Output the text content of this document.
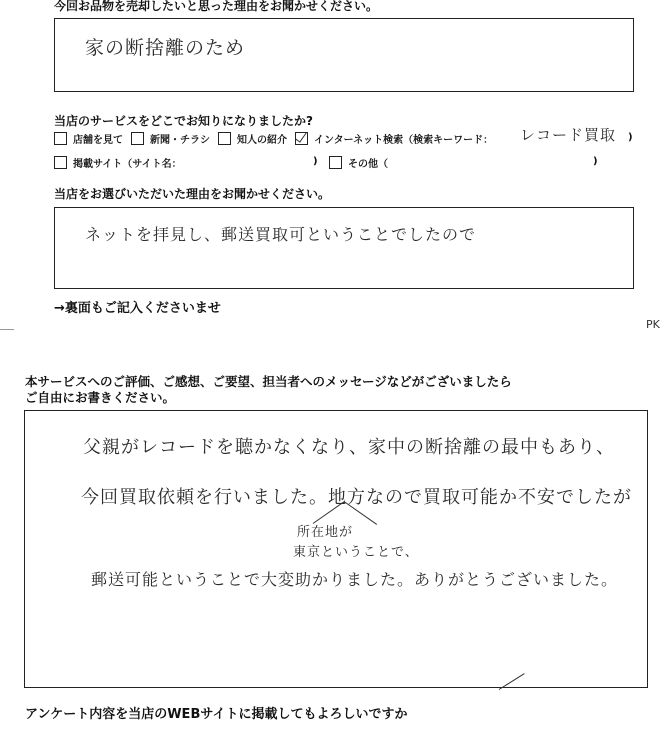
今回お品物を売却したいと思った理由をお聞かせください。
家の断捨離のため
当店のサービスをどこでお知りになりましたか?
店舗を見て	新聞・チラシ	知人の紹介	インターネット検索（検索キーワード： レコード買取 )
掲載サイト（サイト名：	)	その他（	)
当店をお選びいただいた理由をお聞かせください。
ネットを拝見し、郵送買取可ということでしたので
→裏面もご記入くださいませ
PK
本サービスへのご評価、ご感想、ご要望、担当者へのメッセージなどがございましたら
ご自由にお書きください。
父親がレコードを聴かなくなり、家中の断捨離の最中もあり、
今回買取依頼を行いました。地方なので買取可能か不安でしたが
所在地が
東京ということで、
郵送可能ということで大変助かりました。ありがとうございました。
アンケート内容を当店のWEBサイトに掲載してもよろしいですか
